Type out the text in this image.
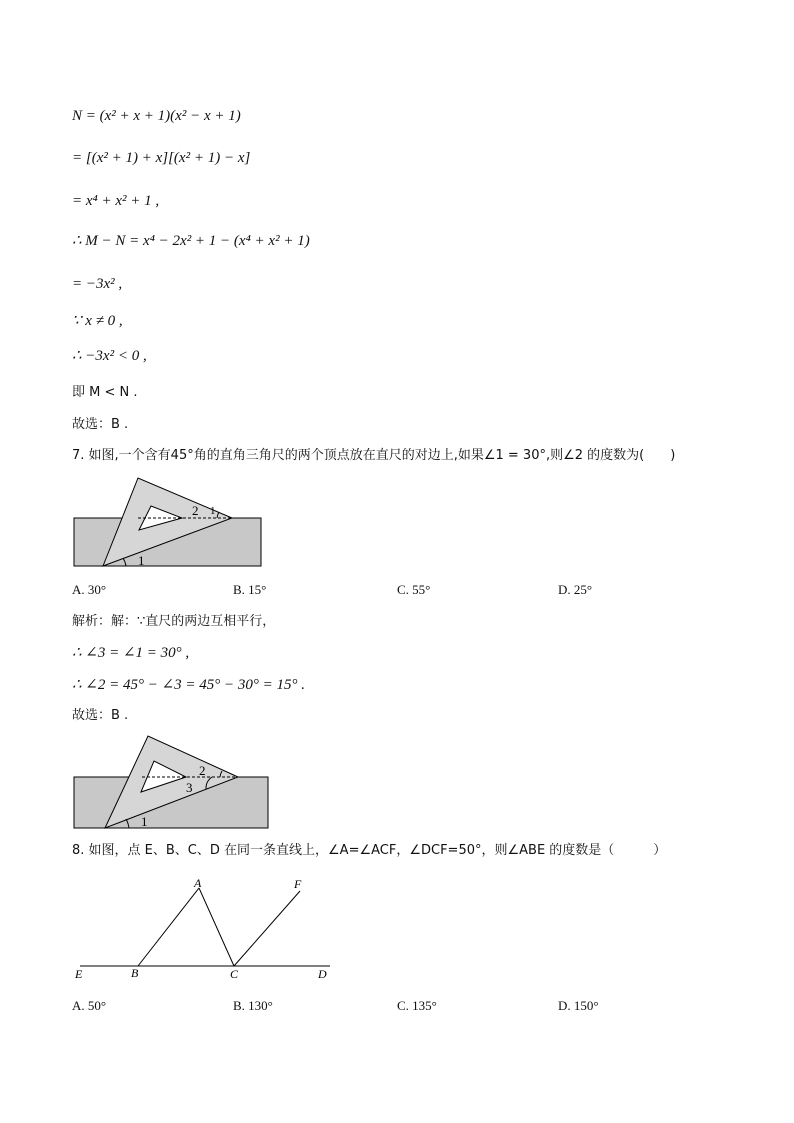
N = (x² + x + 1)(x² − x + 1)
= [(x² + 1) + x][(x² + 1) − x]
= x⁴ + x² + 1 ,
∴ M − N = x⁴ − 2x² + 1 − (x⁴ + x² + 1)
= −3x² ,
∵ x ≠ 0 ,
∴ −3x² < 0 ,
即 M < N .
故选：B .
7. 如图,一个含有45°角的直角三角尺的两个顶点放在直尺的对边上,如果∠1 = 30°,则∠2 的度数为(　　)
1
2 1
A. 30°	B. 15°	C. 55°	D. 25°
解析：解：∵直尺的两边互相平行，
∴ ∠3 = ∠1 = 30° ,
∴ ∠2 = 45° − ∠3 = 45° − 30° = 15° .
故选：B .
1
2
3
8. 如图，点 E、B、C、D 在同一条直线上，∠A=∠ACF，∠DCF=50°，则∠ABE 的度数是（　　　）
A	F
E	B	C	D
A. 50°	B. 130°	C. 135°	D. 150°
